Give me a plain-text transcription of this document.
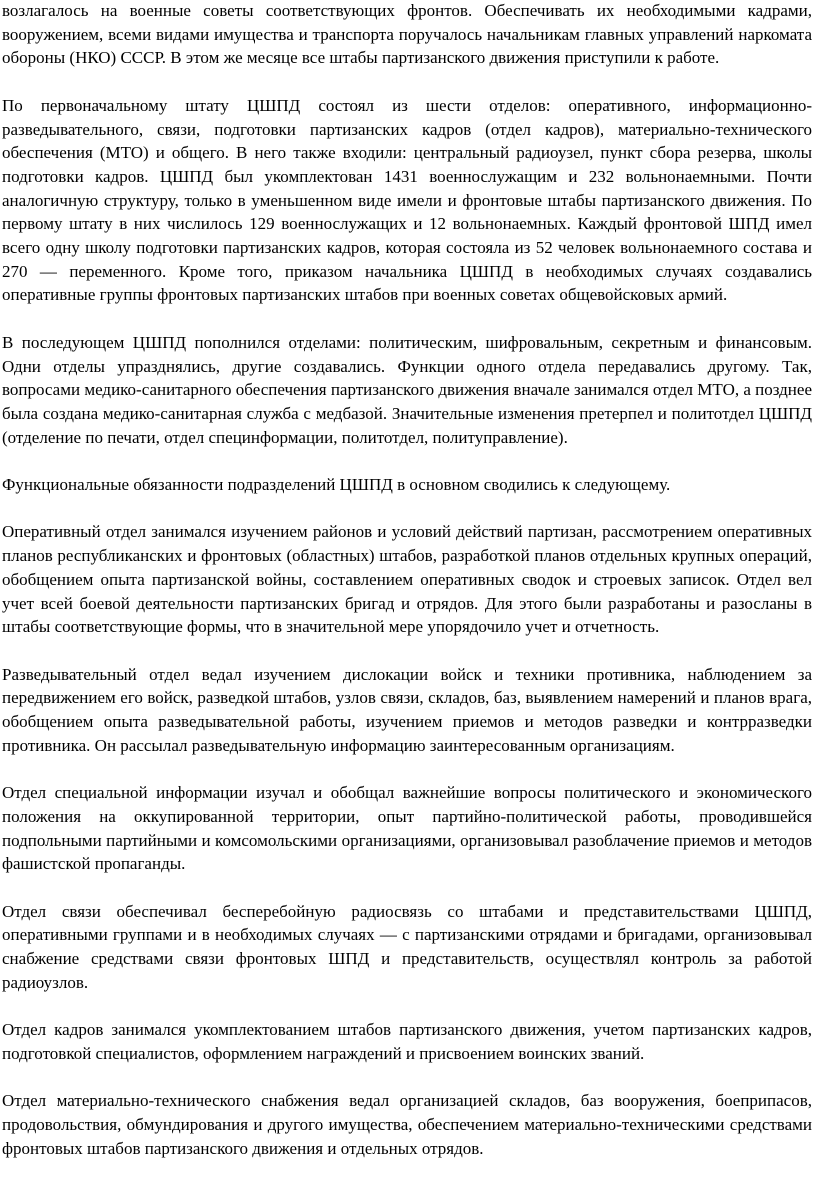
возлагалось на военные советы соответствующих фронтов. Обеспечивать их необходимыми кадрами, вооружением, всеми видами имущества и транспорта поручалось начальникам главных управлений наркомата обороны (НКО) СССР. В этом же месяце все штабы партизанского движения приступили к работе.

По первоначальному штату ЦШПД состоял из шести отделов: оперативного, информационно-разведывательного, связи, подготовки партизанских кадров (отдел кадров), материально-технического обеспечения (МТО) и общего. В него также входили: центральный радиоузел, пункт сбора резерва, школы подготовки кадров. ЦШПД был укомплектован 1431 военнослужащим и 232 вольнонаемными. Почти аналогичную структуру, только в уменьшенном виде имели и фронтовые штабы партизанского движения. По первому штату в них числилось 129 военнослужащих и 12 вольнонаемных. Каждый фронтовой ШПД имел всего одну школу подготовки партизанских кадров, которая состояла из 52 человек вольнонаемного состава и 270 — переменного. Кроме того, приказом начальника ЦШПД в необходимых случаях создавались оперативные группы фронтовых партизанских штабов при военных советах общевойсковых армий.

В последующем ЦШПД пополнился отделами: политическим, шифровальным, секретным и финансовым. Одни отделы упразднялись, другие создавались. Функции одного отдела передавались другому. Так, вопросами медико-санитарного обеспечения партизанского движения вначале занимался отдел МТО, а позднее была создана медико-санитарная служба с медбазой. Значительные изменения претерпел и политотдел ЦШПД (отделение по печати, отдел специнформации, политотдел, политуправление).

Функциональные обязанности подразделений ЦШПД в основном сводились к следующему.

Оперативный отдел занимался изучением районов и условий действий партизан, рассмотрением оперативных планов республиканских и фронтовых (областных) штабов, разработкой планов отдельных крупных операций, обобщением опыта партизанской войны, составлением оперативных сводок и строевых записок. Отдел вел учет всей боевой деятельности партизанских бригад и отрядов. Для этого были разработаны и разосланы в штабы соответствующие формы, что в значительной мере упорядочило учет и отчетность.

Разведывательный отдел ведал изучением дислокации войск и техники противника, наблюдением за передвижением его войск, разведкой штабов, узлов связи, складов, баз, выявлением намерений и планов врага, обобщением опыта разведывательной работы, изучением приемов и методов разведки и контрразведки противника. Он рассылал разведывательную информацию заинтересованным организациям.

Отдел специальной информации изучал и обобщал важнейшие вопросы политического и экономического положения на оккупированной территории, опыт партийно-политической работы, проводившейся подпольными партийными и комсомольскими организациями, организовывал разоблачение приемов и методов фашистской пропаганды.

Отдел связи обеспечивал бесперебойную радиосвязь со штабами и представительствами ЦШПД, оперативными группами и в необходимых случаях — с партизанскими отрядами и бригадами, организовывал снабжение средствами связи фронтовых ШПД и представительств, осуществлял контроль за работой радиоузлов.

Отдел кадров занимался укомплектованием штабов партизанского движения, учетом партизанских кадров, подготовкой специалистов, оформлением награждений и присвоением воинских званий.

Отдел материально-технического снабжения ведал организацией складов, баз вооружения, боеприпасов, продовольствия, обмундирования и другого имущества, обеспечением материально-техническими средствами фронтовых штабов партизанского движения и отдельных отрядов.
